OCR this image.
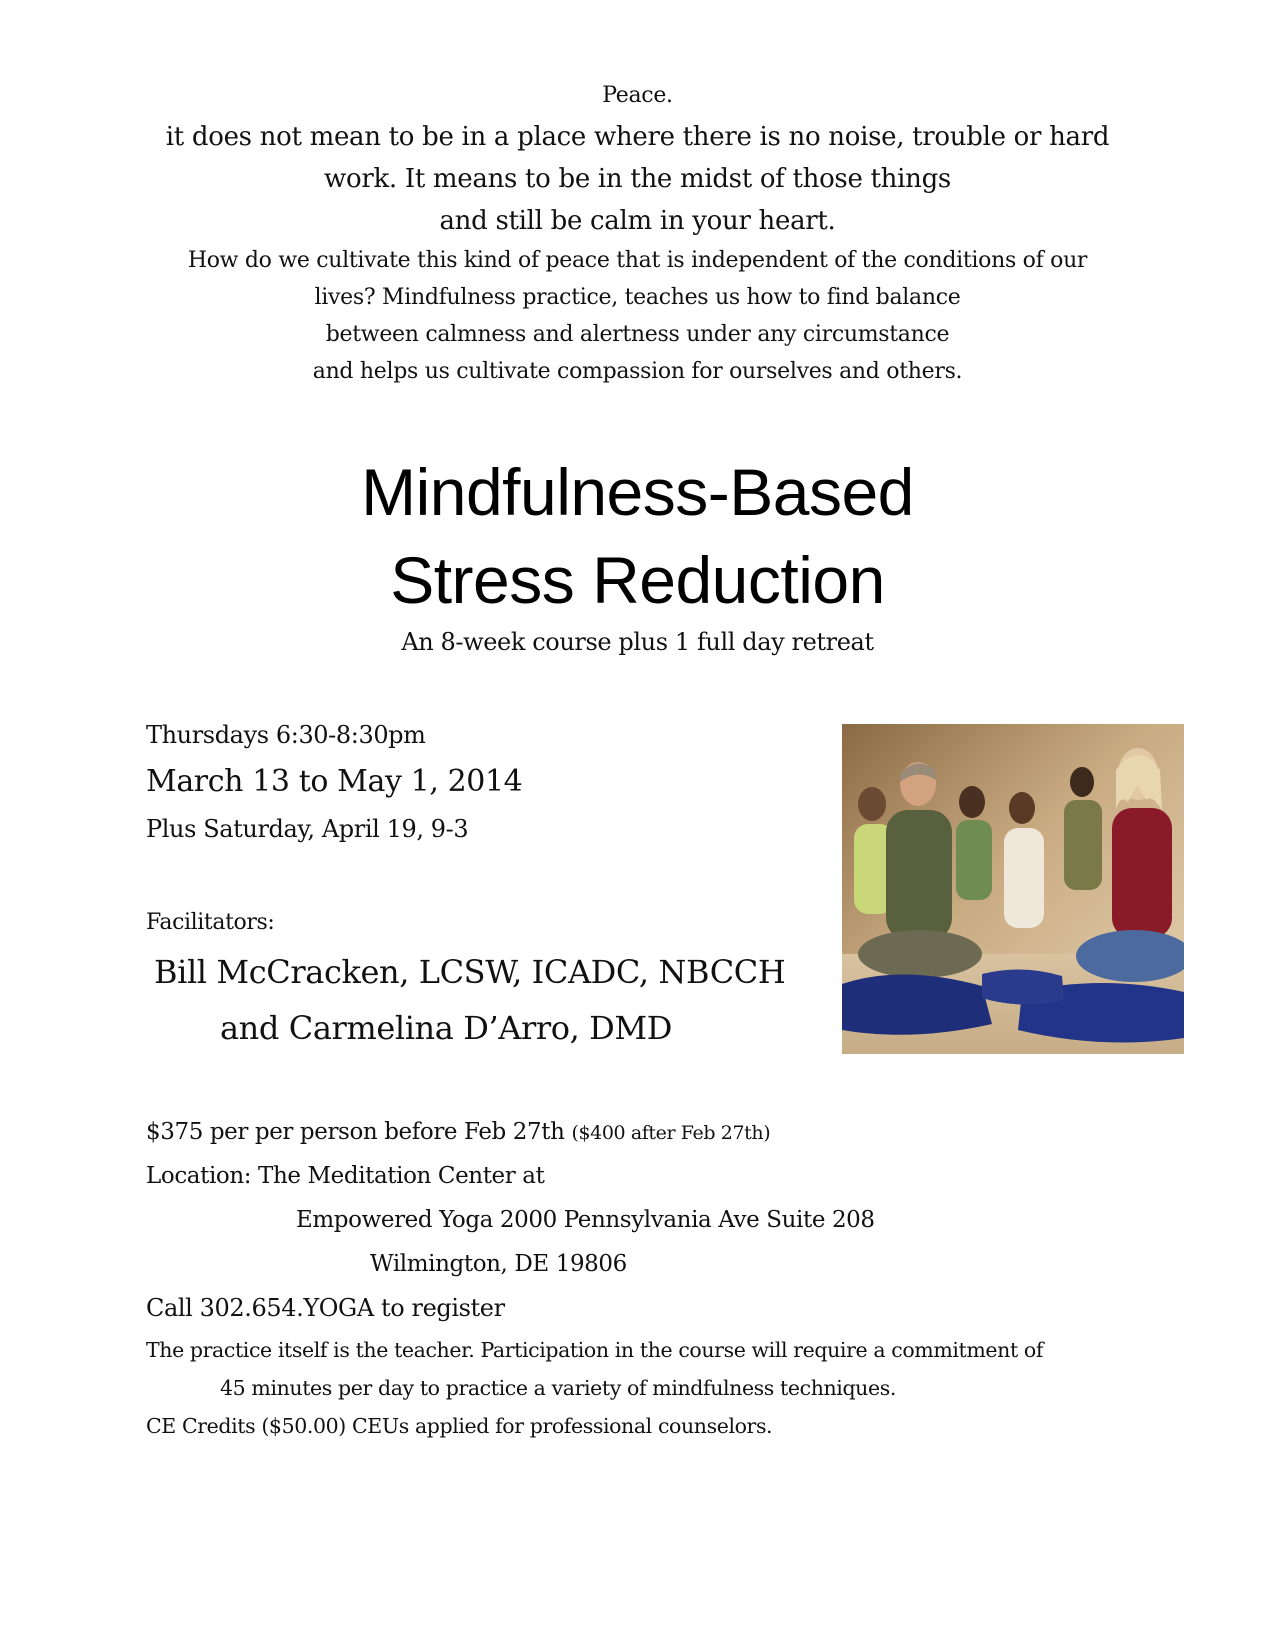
Peace.
it does not mean to be in a place where there is no noise, trouble or hard
work. It means to be in the midst of those things
and still be calm in your heart.
How do we cultivate this kind of peace that is independent of the conditions of our
lives? Mindfulness practice, teaches us how to find balance
between calmness and alertness under any circumstance
and helps us cultivate compassion for ourselves and others.
Mindfulness-Based
Stress Reduction
An 8-week course plus 1 full day retreat
Thursdays 6:30-8:30pm
March 13 to May 1, 2014
Plus Saturday, April 19, 9-3
Facilitators:
Bill McCracken, LCSW, ICADC, NBCCH
and Carmelina D’Arro, DMD
$375 per per person before Feb 27th ($400 after Feb 27th)
Location: The Meditation Center at
Empowered Yoga 2000 Pennsylvania Ave Suite 208
Wilmington, DE 19806
Call 302.654.YOGA to register
The practice itself is the teacher. Participation in the course will require a commitment of
45 minutes per day to practice a variety of mindfulness techniques.
CE Credits ($50.00) CEUs applied for professional counselors.
